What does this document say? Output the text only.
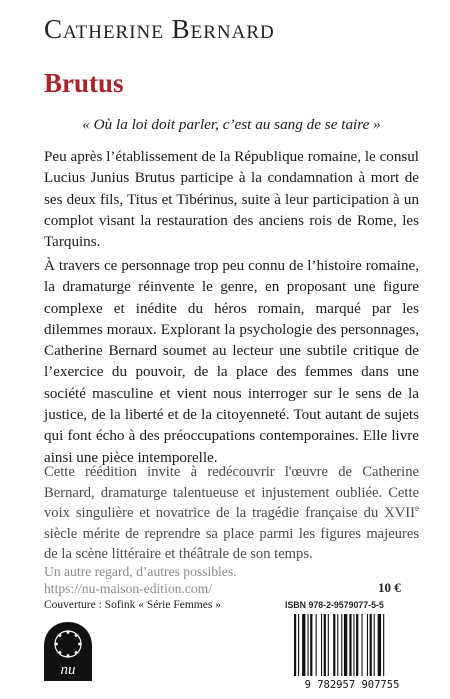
Catherine Bernard
Brutus
« Où la loi doit parler, c’est au sang de se taire »

Peu après l’établissement de la République romaine, le consul Lucius Junius Brutus participe à la condamnation à mort de ses deux fils, Titus et Tibérinus, suite à leur participation à un complot visant la restauration des anciens rois de Rome, les Tarquins.

À travers ce personnage trop peu connu de l’histoire romaine, la dramaturge réinvente le genre, en proposant une figure complexe et inédite du héros romain, marqué par les dilemmes moraux. Explorant la psychologie des personnages, Catherine Bernard soumet au lecteur une subtile critique de l’exercice du pouvoir, de la place des femmes dans une société masculine et vient nous interroger sur le sens de la justice, de la liberté et de la citoyenneté. Tout autant de sujets qui font écho à des préoccupations contemporaines. Elle livre ainsi une pièce intemporelle.

Cette réédition invite à redécouvrir l'œuvre de Catherine Bernard, dramaturge talentueuse et injustement oubliée. Cette voix singulière et novatrice de la tragédie française du XVIIe siècle mérite de reprendre sa place parmi les figures majeures de la scène littéraire et théâtrale de son temps.

Un autre regard, d’autres possibles.
https://nu-maison-edition.com/
Couverture : Sofink « Série Femmes »
10 €
ISBN 978-2-9579077-5-5
nu
9 782957 907755
